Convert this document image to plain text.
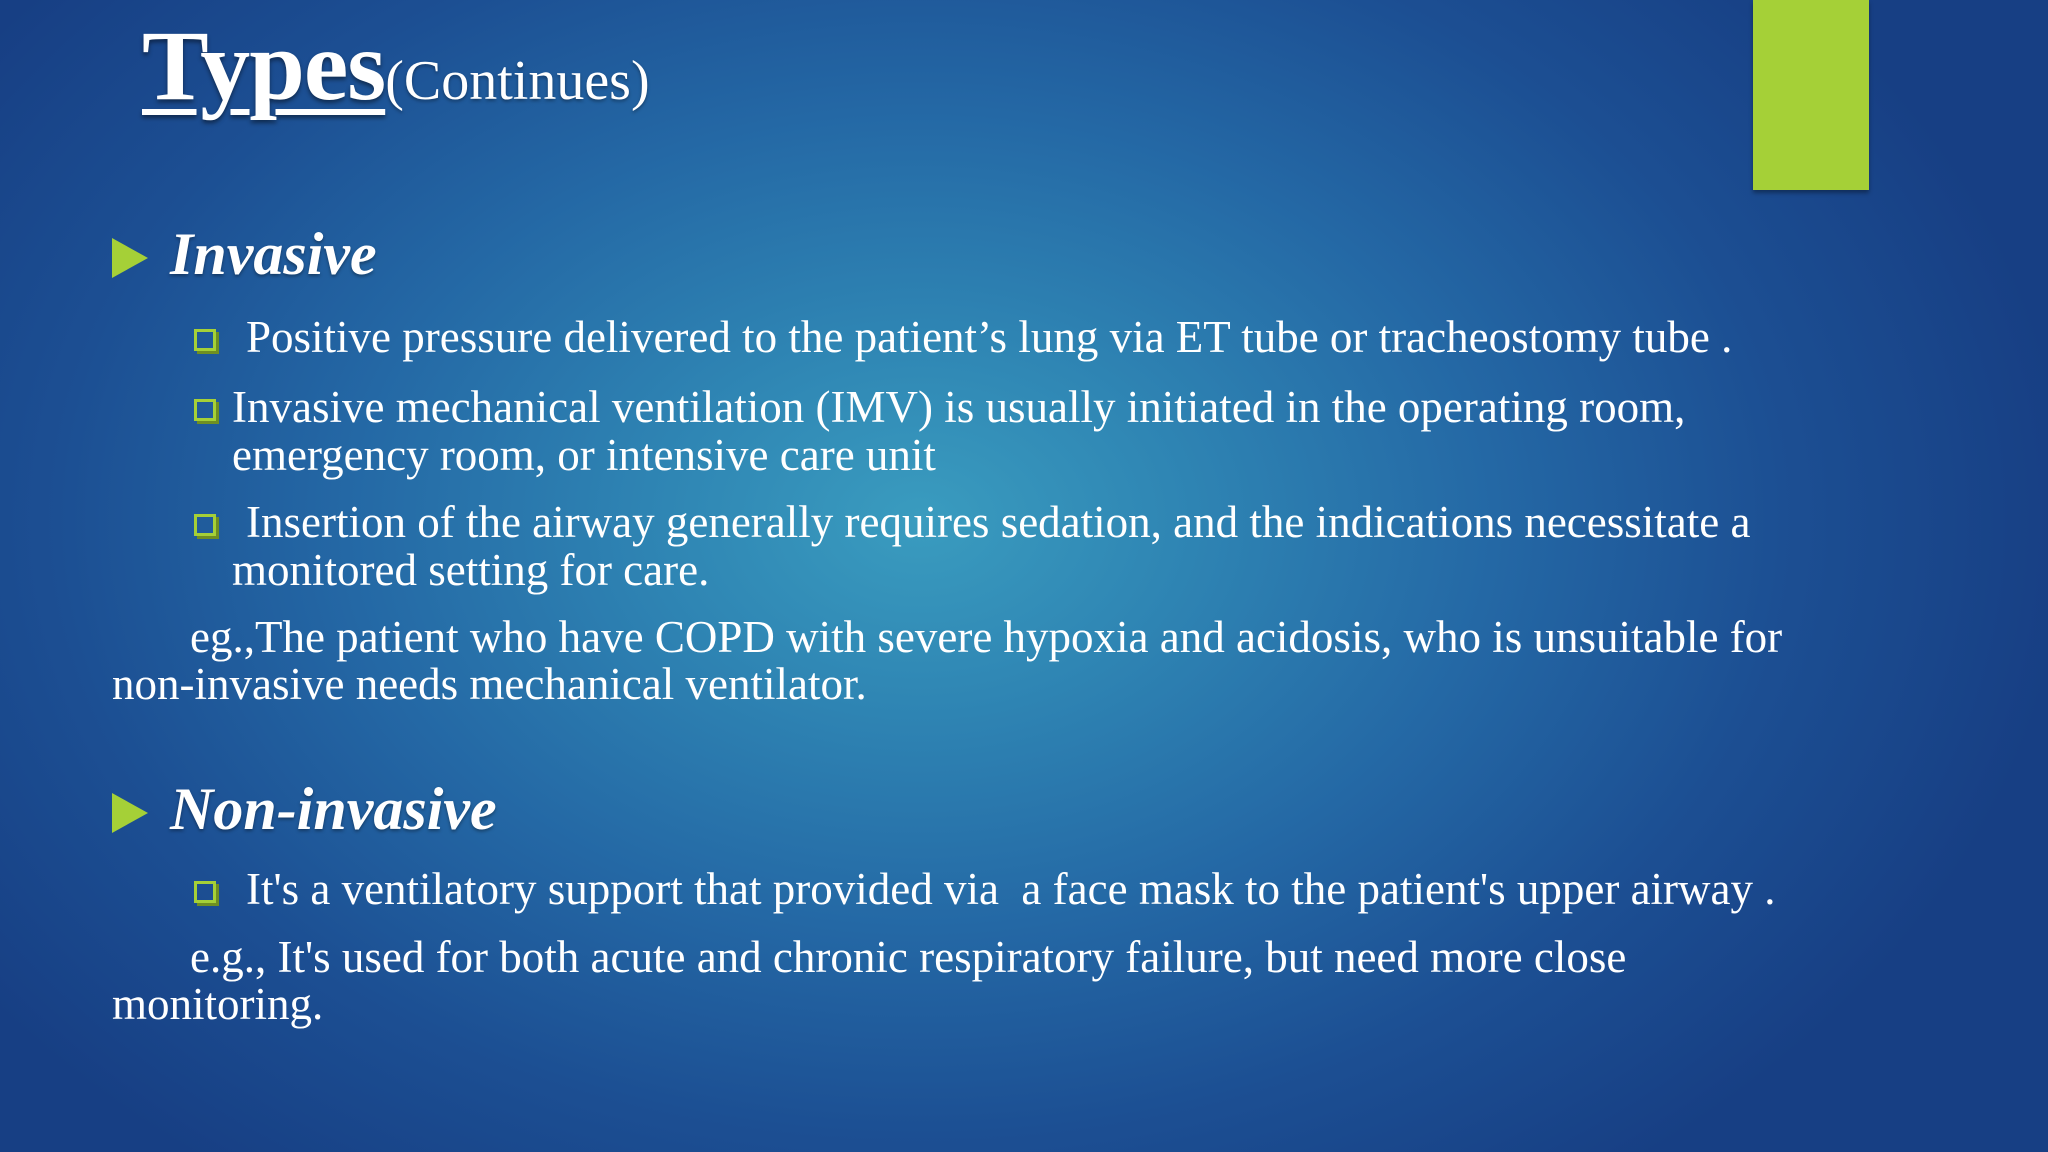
Types(Continues)
Invasive
Positive pressure delivered to the patient’s lung via ET tube or tracheostomy tube .
Invasive mechanical ventilation (IMV) is usually initiated in the operating room,
emergency room, or intensive care unit
Insertion of the airway generally requires sedation, and the indications necessitate a
monitored setting for care.
eg.,The patient who have COPD with severe hypoxia and acidosis, who is unsuitable for
non-invasive needs mechanical ventilator.
Non-invasive
It's a ventilatory support that provided via  a face mask to the patient's upper airway .
e.g., It's used for both acute and chronic respiratory failure, but need more close
monitoring.
